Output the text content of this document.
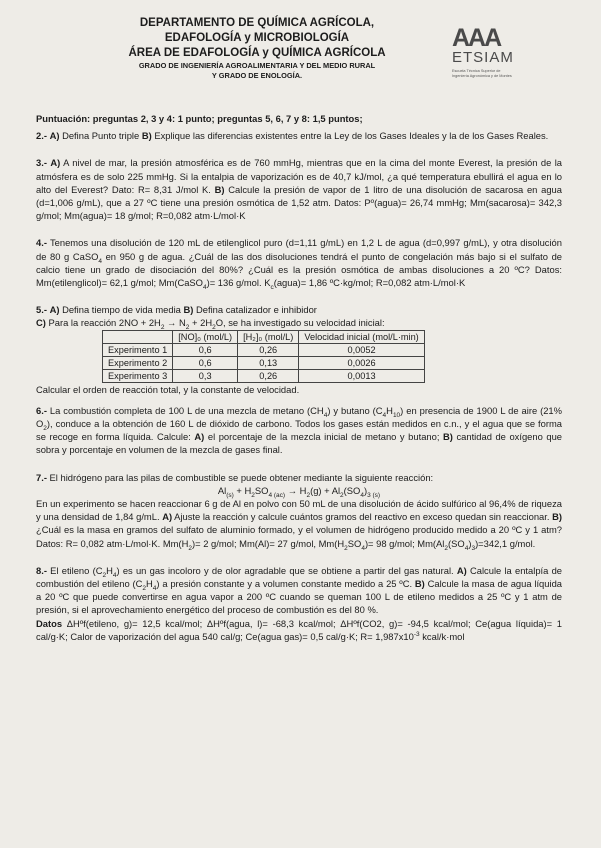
DEPARTAMENTO DE QUÍMICA AGRÍCOLA,
EDAFOLOGÍA y MICROBIOLOGÍA
ÁREA DE EDAFOLOGÍA y QUÍMICA AGRÍCOLA
GRADO DE INGENIERÍA AGROALIMENTARIA Y DEL MEDIO RURAL
Y GRADO DE ENOLOGÍA.
AAA
ETSIAM
Escuela Técnica Superior de
Ingeniería Agronómica y de Montes
Puntuación: preguntas 2, 3 y 4: 1 punto; preguntas 5, 6, 7 y 8: 1,5 puntos;

2.- A) Defina Punto triple B) Explique las diferencias existentes entre la Ley de los Gases Ideales y la de los Gases Reales.

3.- A) A nivel de mar, la presión atmosférica es de 760 mmHg, mientras que en la cima del monte Everest, la presión de la atmósfera es de solo 225 mmHg. Si la entalpia de vaporización es de 40,7 kJ/mol, ¿a qué temperatura ebullirá el agua en lo alto del Everest? Dato: R= 8,31 J/mol K. B) Calcule la presión de vapor de 1 litro de una disolución de sacarosa en agua (d=1,006 g/mL), que a 27 ºC tiene una presión osmótica de 1,52 atm. Datos: Pº(agua)= 26,74 mmHg; Mm(sacarosa)= 342,3 g/mol; Mm(agua)= 18 g/mol; R=0,082 atm·L/mol·K

4.- Tenemos una disolución de 120 mL de etilenglicol puro (d=1,11 g/mL) en 1,2 L de agua (d=0,997 g/mL), y otra disolución de 80 g CaSO$_4$ en 950 g de agua. ¿Cuál de las dos disoluciones tendrá el punto de congelación más bajo si el sulfato de calcio tiene un grado de disociación del 80%? ¿Cuál es la presión osmótica de ambas disoluciones a 20 ºC? Datos: Mm(etilenglicol)= 62,1 g/mol; Mm(CaSO$_4$)= 136 g/mol. $K_c(agua)= 1,86$ ºC·kg/mol; R=0,082 atm·L/mol·K

5.- A) Defina tiempo de vida media B) Defina catalizador e inhibidor
C) Para la reacción $2NO + 2H_2 \to N_2 + 2H_2O$, se ha investigado su velocidad inicial:
	[NO]₀ (mol/L)	[H₂]₀ (mol/L)	Velocidad inicial (mol/L·min)
Experimento 1	0,6	0,26	0,0052
Experimento 2	0,6	0,13	0,0026
Experimento 3	0,3	0,26	0,0013
Calcular el orden de reacción total, y la constante de velocidad.

6.- La combustión completa de 100 L de una mezcla de metano $(CH_4)$ y butano $(C_4H_{10})$ en presencia de 1900 L de aire (21% $O_2$), conduce a la obtención de 160 L de dióxido de carbono. Todos los gases están medidos en c.n., y el agua que se forma se recoge en forma líquida. Calcule: A) el porcentaje de la mezcla inicial de metano y butano; B) cantidad de oxígeno que sobra y porcentaje en volumen de la mezcla de gases final.

7.- El hidrógeno para las pilas de combustible se puede obtener mediante la siguiente reacción:
$Al_{(s)} + H_2SO_{4 (ac)} \to H_2(g) + Al_2(SO_4)_{3 (s)}$
En un experimento se hacen reaccionar 6 g de Al en polvo con 50 mL de una disolución de ácido sulfúrico al 96,4% de riqueza y una densidad de 1,84 g/mL. A) Ajuste la reacción y calcule cuántos gramos del reactivo en exceso quedan sin reaccionar. B) ¿Cuál es la masa en gramos del sulfato de aluminio formado, y el volumen de hidrógeno producido medido a 20 ºC y 1 atm? Datos: R= 0,082 atm·L/mol·K. $Mm(H_2)= 2$ g/mol; Mm(Al)= 27 g/mol, $Mm(H_2SO_4)= 98$ g/mol; $Mm(Al_2(SO_4)_3)=342,1$ g/mol.
8.- El etileno $(C_2H_4)$ es un gas incoloro y de olor agradable que se obtiene a partir del gas natural. A) Calcule la entalpía de combustión del etileno $(C_2H_4)$ a presión constante y a volumen constante medido a 25 ºC. B) Calcule la masa de agua líquida a 20 ºC que puede convertirse en agua vapor a 200 ºC cuando se queman 100 L de etileno medidos a 25 ºC y 1 atm de presión, si el aprovechamiento energético del proceso de combustión es del 80 %.
Datos ΔHºf(etileno, g)= 12,5 kcal/mol; ΔHºf(agua, l)= -68,3 kcal/mol; ΔHºf(CO2, g)= -94,5 kcal/mol; Ce(agua líquida)= 1 cal/g·K; Calor de vaporización del agua 540 cal/g; Ce(agua gas)= 0,5 cal/g·K; $R= 1,987x10^{-3}$ kcal/k·mol
